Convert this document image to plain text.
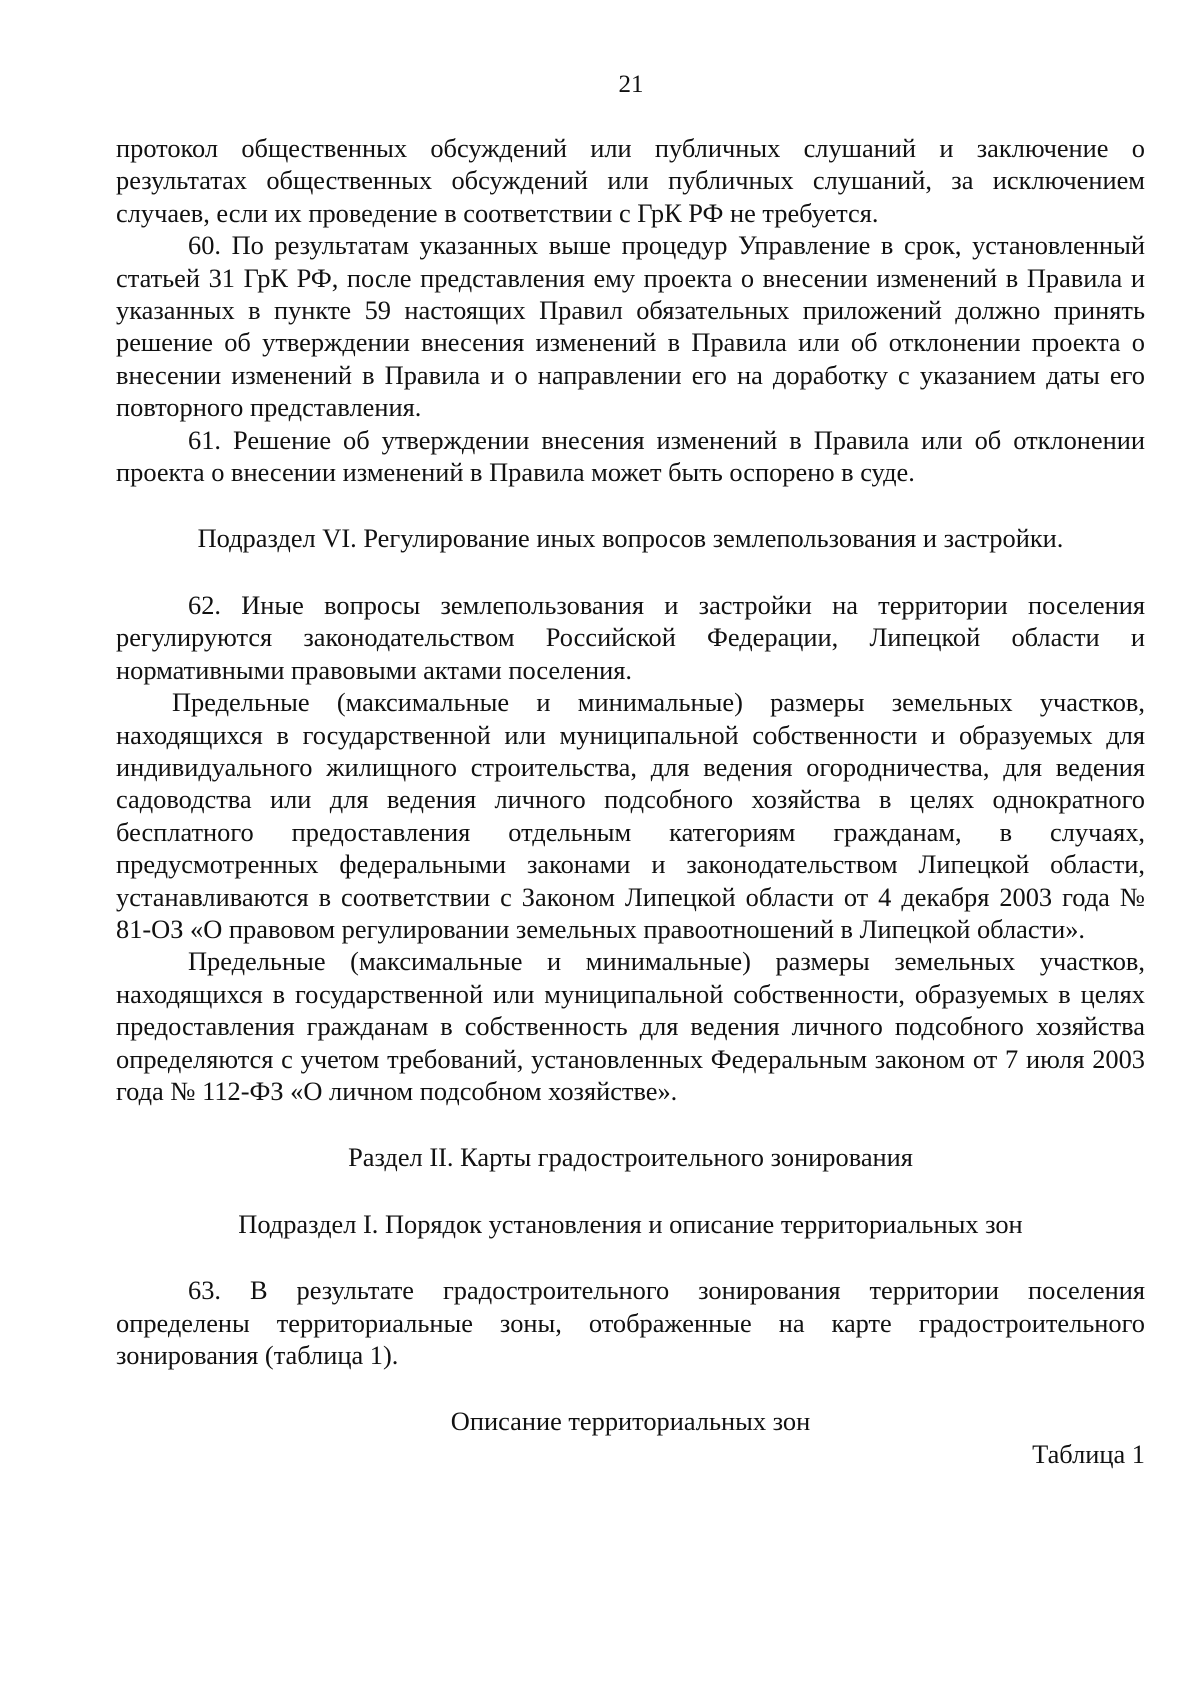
21

протокол общественных обсуждений или публичных слушаний и заключение о результатах общественных обсуждений или публичных слушаний, за исключением случаев, если их проведение в соответствии с ГрК РФ не требуется.

60. По результатам указанных выше процедур Управление в срок, установленный статьей 31 ГрК РФ, после представления ему проекта о внесении изменений в Правила и указанных в пункте 59 настоящих Правил обязательных приложений должно принять решение об утверждении внесения изменений в Правила или об отклонении проекта о внесении изменений в Правила и о направлении его на доработку с указанием даты его повторного представления.

61. Решение об утверждении внесения изменений в Правила или об отклонении проекта о внесении изменений в Правила может быть оспорено в суде.

Подраздел VI. Регулирование иных вопросов землепользования и застройки.

62. Иные вопросы землепользования и застройки на территории поселения регулируются законодательством Российской Федерации, Липецкой области и нормативными правовыми актами поселения.

Предельные (максимальные и минимальные) размеры земельных участков, находящихся в государственной или муниципальной собственности и образуемых для индивидуального жилищного строительства, для ведения огородничества, для ведения садоводства или для ведения личного подсобного хозяйства в целях однократного бесплатного предоставления отдельным категориям гражданам, в случаях, предусмотренных федеральными законами и законодательством Липецкой области, устанавливаются в соответствии с Законом Липецкой области от 4 декабря 2003 года № 81-ОЗ «О правовом регулировании земельных правоотношений в Липецкой области».

Предельные (максимальные и минимальные) размеры земельных участков, находящихся в государственной или муниципальной собственности, образуемых в целях предоставления гражданам в собственность для ведения личного подсобного хозяйства определяются с учетом требований, установленных Федеральным законом от 7 июля 2003 года № 112-ФЗ «О личном подсобном хозяйстве».

Раздел II. Карты градостроительного зонирования

Подраздел I. Порядок установления и описание территориальных зон

63. В результате градостроительного зонирования территории поселения определены территориальные зоны, отображенные на карте градостроительного зонирования (таблица 1).

Описание территориальных зон

Таблица 1
